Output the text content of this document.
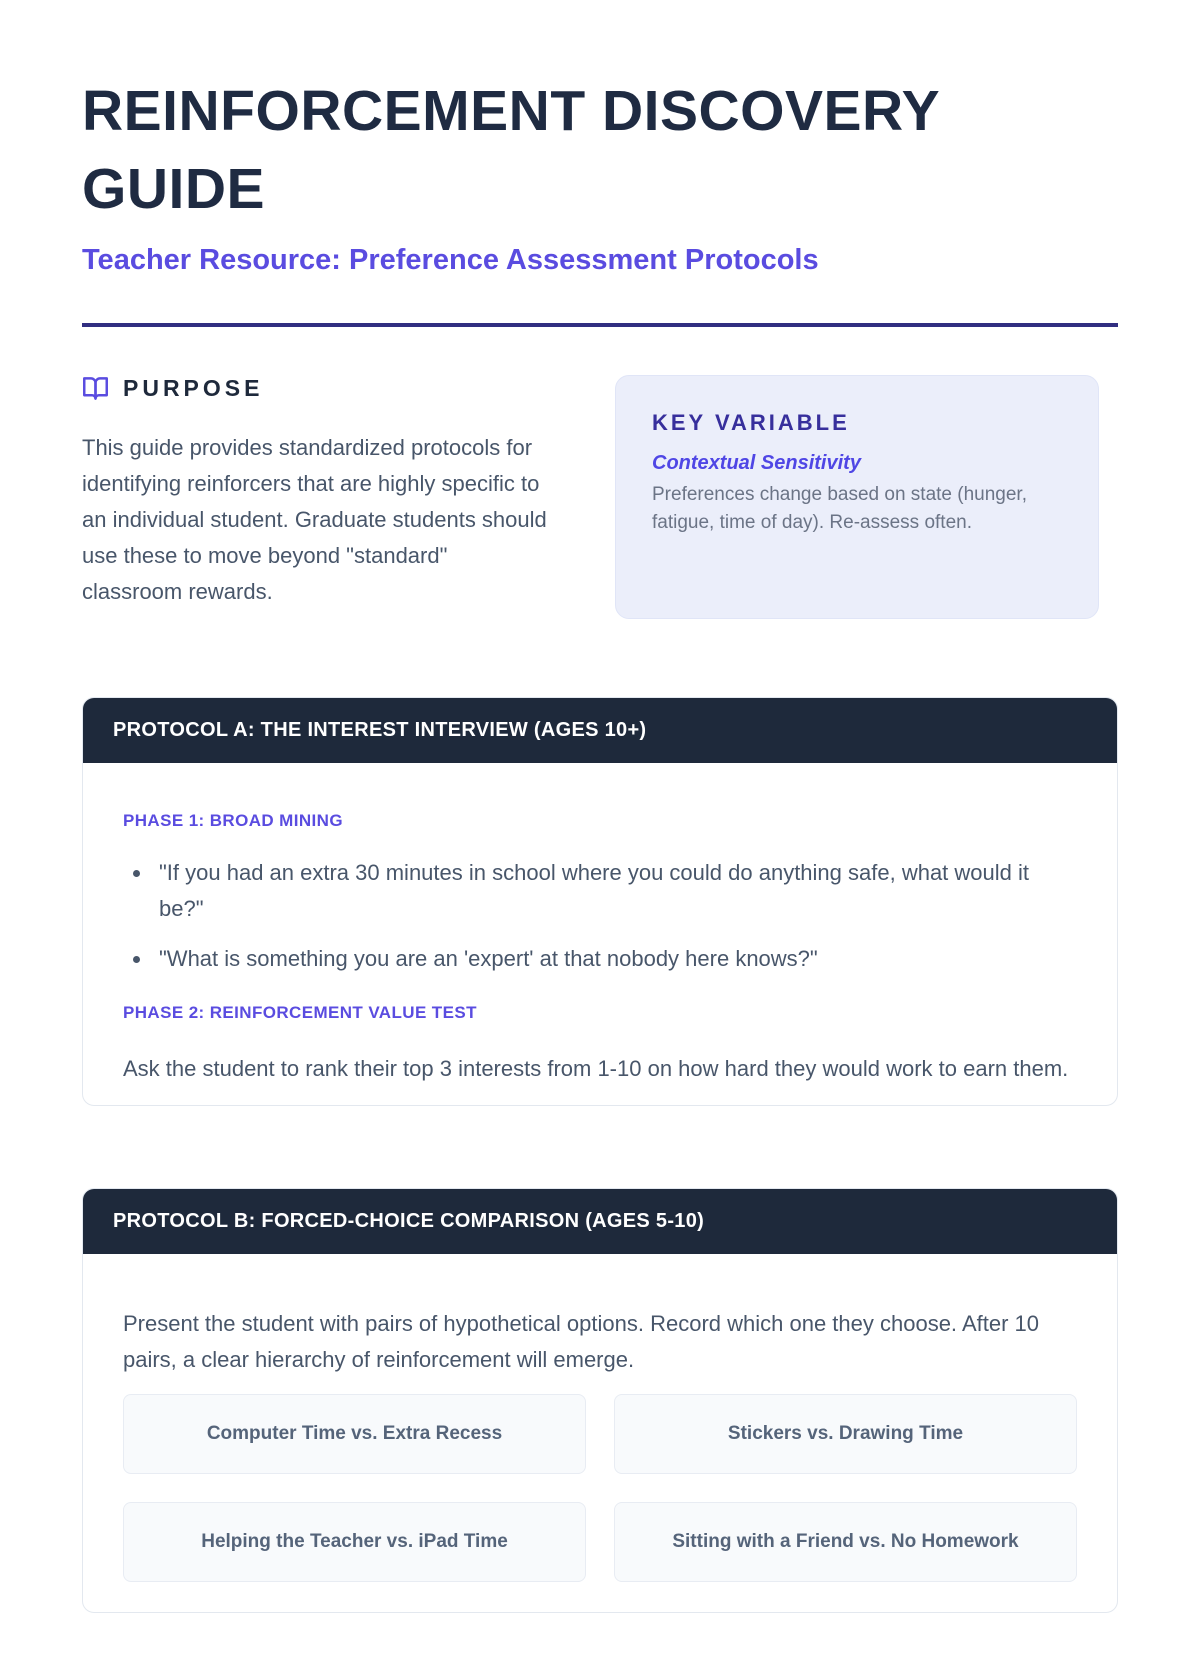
REINFORCEMENT DISCOVERY GUIDE
Teacher Resource: Preference Assessment Protocols
PURPOSE

This guide provides standardized protocols for identifying reinforcers that are highly specific to an individual student. Graduate students should use these to move beyond "standard" classroom rewards.

KEY VARIABLE
Contextual Sensitivity
Preferences change based on state (hunger, fatigue, time of day). Re-assess often.
PROTOCOL A: THE INTEREST INTERVIEW (AGES 10+)
PHASE 1: BROAD MINING
• "If you had an extra 30 minutes in school where you could do anything safe, what would it be?"
• "What is something you are an 'expert' at that nobody here knows?"
PHASE 2: REINFORCEMENT VALUE TEST

Ask the student to rank their top 3 interests from 1-10 on how hard they would work to earn them.

PROTOCOL B: FORCED-CHOICE COMPARISON (AGES 5-10)

Present the student with pairs of hypothetical options. Record which one they choose. After 10 pairs, a clear hierarchy of reinforcement will emerge.

Computer Time vs. Extra Recess	Stickers vs. Drawing Time
Helping the Teacher vs. iPad Time	Sitting with a Friend vs. No Homework
